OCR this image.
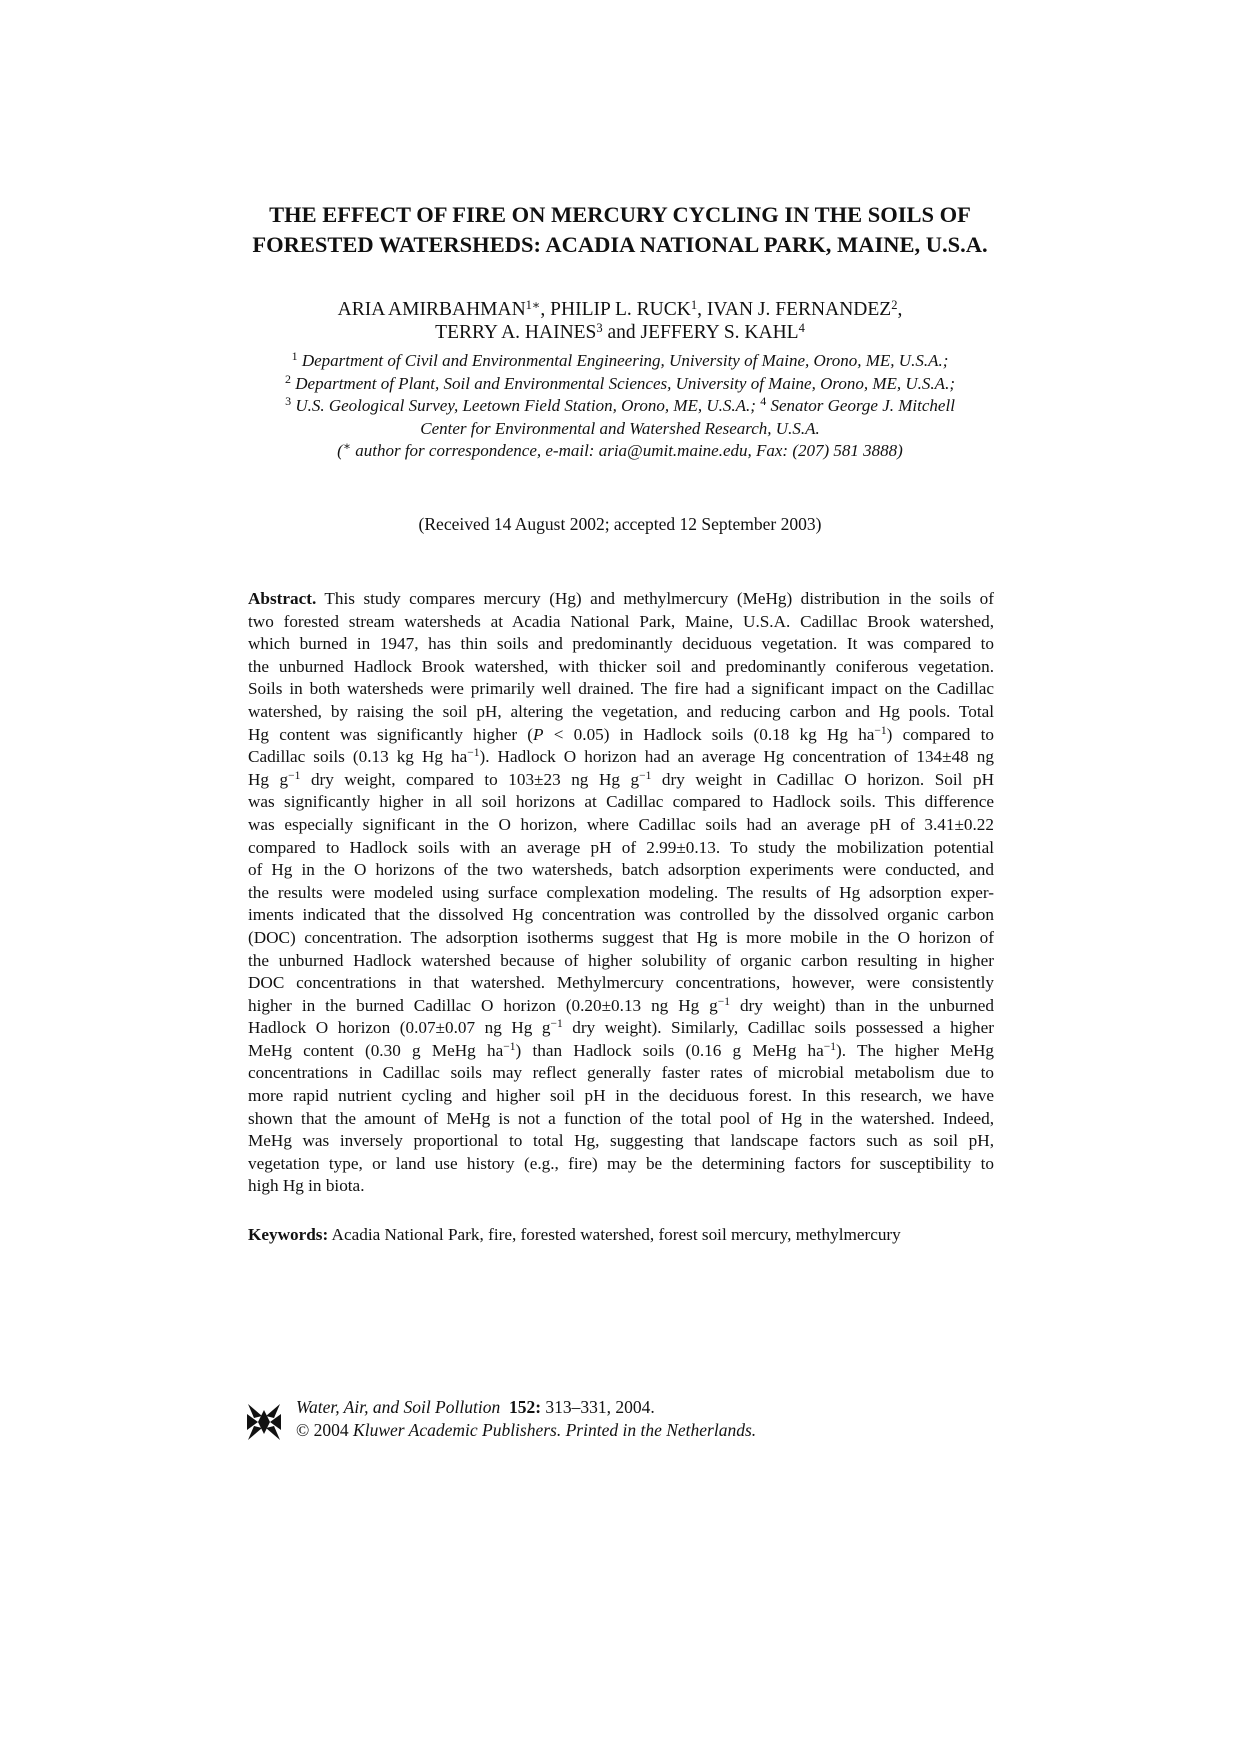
THE EFFECT OF FIRE ON MERCURY CYCLING IN THE SOILS OF
FORESTED WATERSHEDS: ACADIA NATIONAL PARK, MAINE, U.S.A.
ARIA $AMIRBAHMAN^{1∗}$, PHILIP L. RUCK$^1$, IVAN J. FERNANDEZ$^2$,
TERRY A. HAINES$^3$ and JEFFERY S. KAHL$^4$
$^1$ Department of Civil and Environmental Engineering, University of Maine, Orono, ME, U.S.A.;
$^2$ Department of Plant, Soil and Environmental Sciences, University of Maine, Orono, ME, U.S.A.;
$^3$ U.S. Geological Survey, Leetown Field Station, Orono, ME, U.S.A.; $^4$ Senator George J. Mitchell
Center for Environmental and Watershed Research, U.S.A.
(∗ author for correspondence, e-mail: aria@umit.maine.edu, Fax: (207) 581 3888)
(Received 14 August 2002; accepted 12 September 2003)
Abstract. This study compares mercury (Hg) and methylmercury (MeHg) distribution in the soils of
two forested stream watersheds at Acadia National Park, Maine, U.S.A. Cadillac Brook watershed,
which burned in 1947, has thin soils and predominantly deciduous vegetation. It was compared to
the unburned Hadlock Brook watershed, with thicker soil and predominantly coniferous vegetation.
Soils in both watersheds were primarily well drained. The fire had a significant impact on the Cadillac
watershed, by raising the soil pH, altering the vegetation, and reducing carbon and Hg pools. Total
Hg content was significantly higher (P < 0.05) in Hadlock soils (0.18 kg Hg $ha^{-1}$) compared to
Cadillac soils (0.13 kg Hg $ha^{-1}$). Hadlock O horizon had an average Hg concentration of 134±48 ng
Hg $g^{-1}$ dry weight, compared to 103±23 ng Hg $g^{-1}$ dry weight in Cadillac O horizon. Soil pH
was significantly higher in all soil horizons at Cadillac compared to Hadlock soils. This difference
was especially significant in the O horizon, where Cadillac soils had an average pH of 3.41±0.22
compared to Hadlock soils with an average pH of 2.99±0.13. To study the mobilization potential
of Hg in the O horizons of the two watersheds, batch adsorption experiments were conducted, and
the results were modeled using surface complexation modeling. The results of Hg adsorption exper-
iments indicated that the dissolved Hg concentration was controlled by the dissolved organic carbon
(DOC) concentration. The adsorption isotherms suggest that Hg is more mobile in the O horizon of
the unburned Hadlock watershed because of higher solubility of organic carbon resulting in higher
DOC concentrations in that watershed. Methylmercury concentrations, however, were consistently
higher in the burned Cadillac O horizon (0.20±0.13 ng Hg $g^{-1}$ dry weight) than in the unburned
Hadlock O horizon (0.07±0.07 ng Hg $g^{-1}$ dry weight). Similarly, Cadillac soils possessed a higher
MeHg content (0.30 g MeHg $ha^{-1}$) than Hadlock soils (0.16 g MeHg $ha^{-1}$). The higher MeHg
concentrations in Cadillac soils may reflect generally faster rates of microbial metabolism due to
more rapid nutrient cycling and higher soil pH in the deciduous forest. In this research, we have
shown that the amount of MeHg is not a function of the total pool of Hg in the watershed. Indeed,
MeHg was inversely proportional to total Hg, suggesting that landscape factors such as soil pH,
vegetation type, or land use history (e.g., fire) may be the determining factors for susceptibility to
high Hg in biota.
Keywords: Acadia National Park, fire, forested watershed, forest soil mercury, methylmercury
Water, Air, and Soil Pollution 152: 313–331, 2004.
© 2004 Kluwer Academic Publishers. Printed in the Netherlands.
